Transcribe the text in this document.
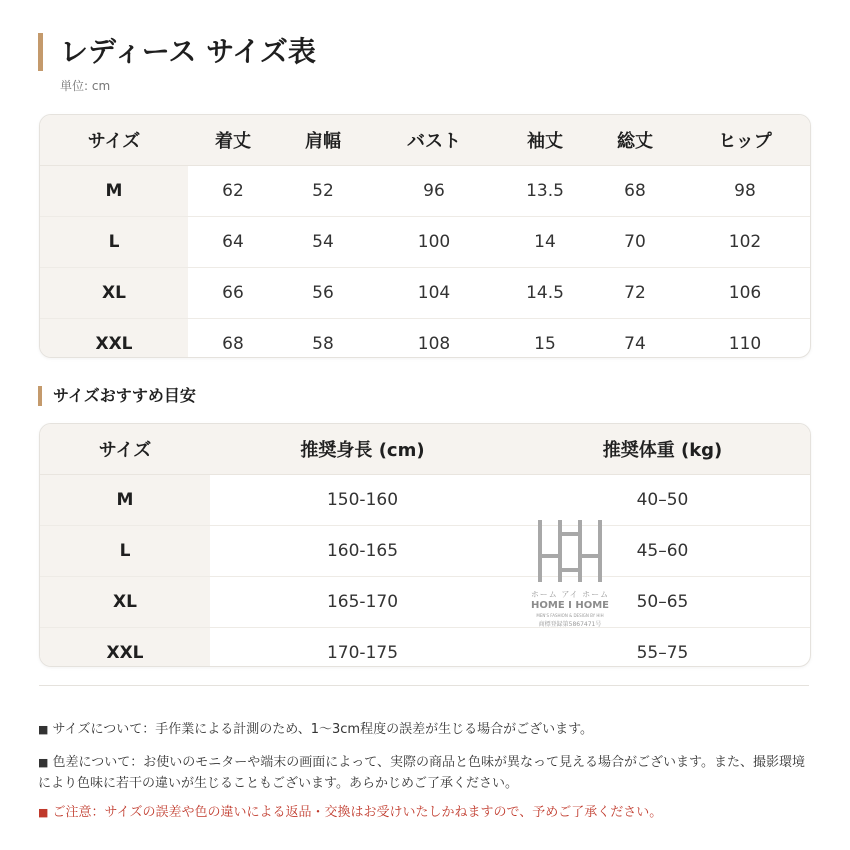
レディース サイズ表
単位: cm
サイズ	着丈	肩幅	バスト	袖丈	総丈	ヒップ
M	62	52	96	13.5	68	98
L	64	54	100	14	70	102
XL	66	56	104	14.5	72	106
XXL	68	58	108	15	74	110
サイズおすすめ目安
サイズ	推奨身長 (cm)	推奨体重 (kg)
M	150-160	40–50
L	160-165	45–60
XL	165-170	50–65
XXL	170-175	55–75
ホーム アイ ホーム
HOME I HOME
MEN'S FASHION & DESIGN BY HIH
商標登録第5867471号
■ サイズについて：手作業による計測のため、1～3cm程度の誤差が生じる場合がございます。
■ 色差について：お使いのモニターや端末の画面によって、実際の商品と色味が異なって見える場合がございます。また、撮影環境により色味に若干の違いが生じることもございます。あらかじめご了承ください。
■ ご注意：サイズの誤差や色の違いによる返品・交換はお受けいたしかねますので、予めご了承ください。
